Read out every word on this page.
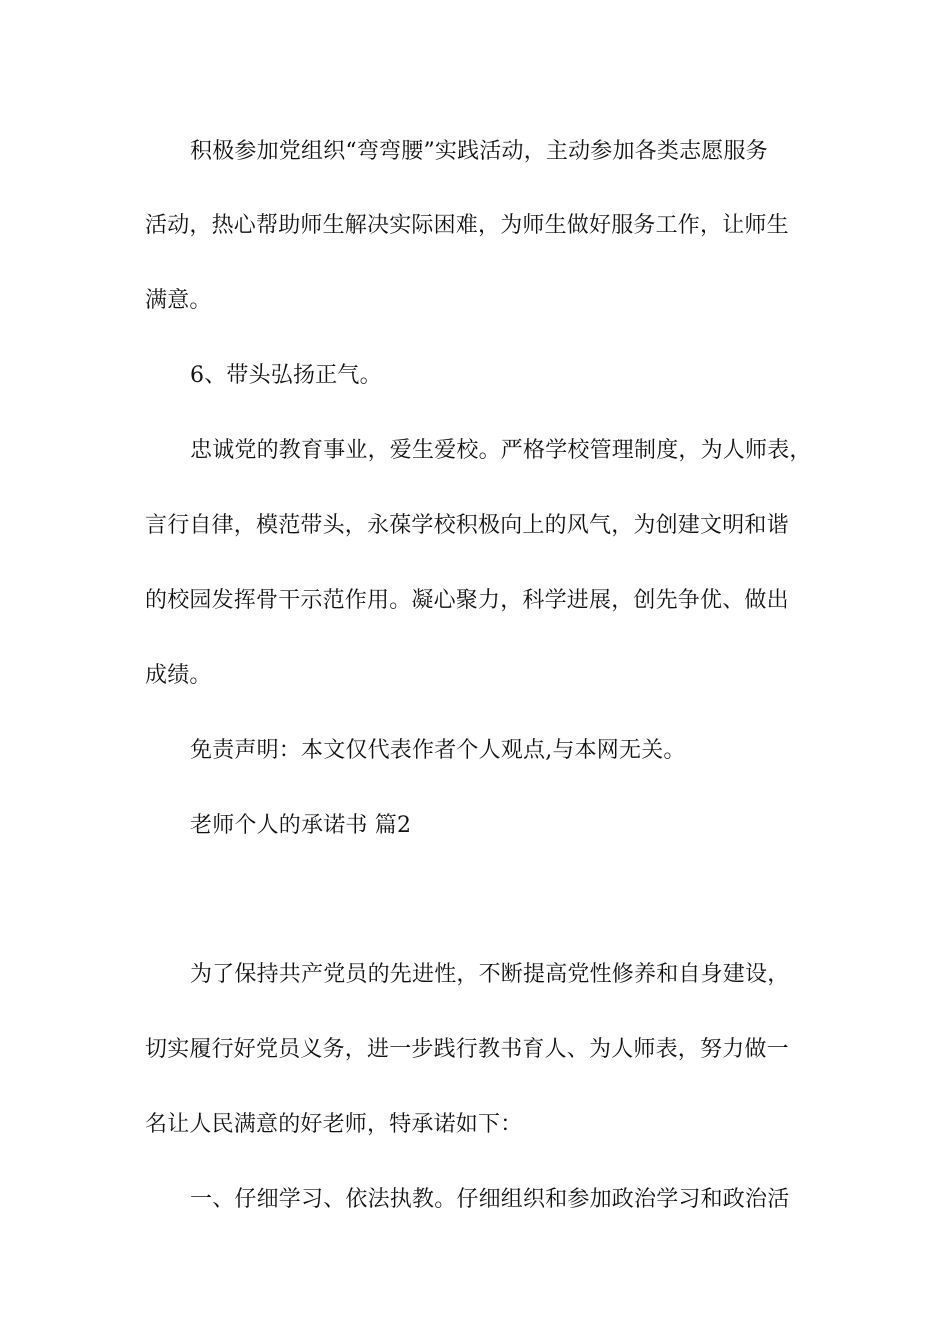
积极参加党组织“弯弯腰”实践活动，主动参加各类志愿服务

活动，热心帮助师生解决实际困难，为师生做好服务工作，让师生

满意。

6、带头弘扬正气。

忠诚党的教育事业，爱生爱校。严格学校管理制度，为人师表，

言行自律，模范带头，永葆学校积极向上的风气，为创建文明和谐

的校园发挥骨干示范作用。凝心聚力，科学进展，创先争优、做出

成绩。

免责声明：本文仅代表作者个人观点,与本网无关。

老师个人的承诺书 篇2

为了保持共产党员的先进性，不断提高党性修养和自身建设，

切实履行好党员义务，进一步践行教书育人、为人师表，努力做一

名让人民满意的好老师，特承诺如下：

一、仔细学习、依法执教。仔细组织和参加政治学习和政治活
